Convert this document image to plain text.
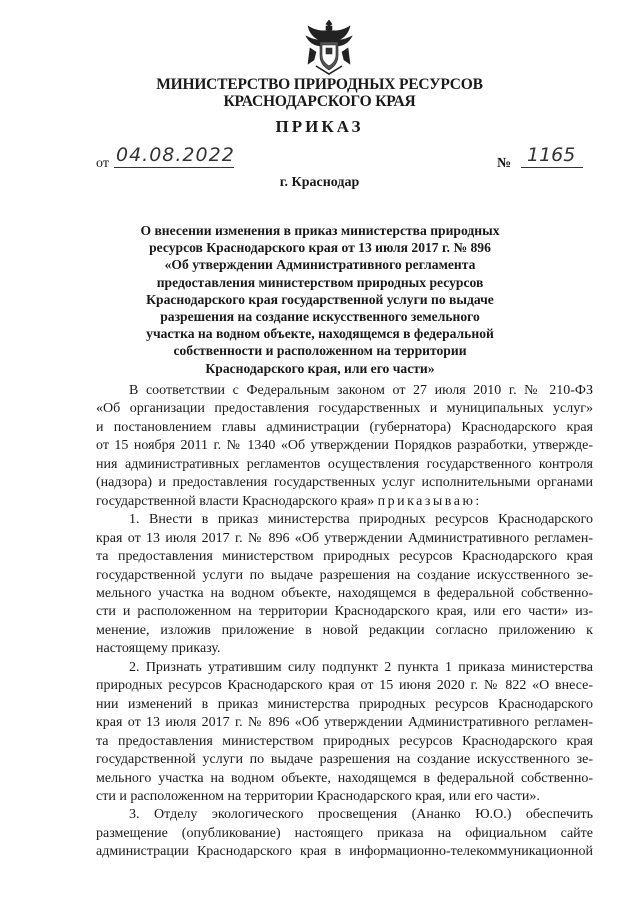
МИНИСТЕРСТВО ПРИРОДНЫХ РЕСУРСОВ
КРАСНОДАРСКОГО КРАЯ
ПРИКАЗ
от 04.08.2022	№ 1165
г. Краснодар
О внесении изменения в приказ министерства природных
ресурсов Краснодарского края от 13 июля 2017 г. № 896
«Об утверждении Административного регламента
предоставления министерством природных ресурсов
Краснодарского края государственной услуги по выдаче
разрешения на создание искусственного земельного
участка на водном объекте, находящемся в федеральной
собственности и расположенном на территории
Краснодарского края, или его части»
В соответствии с Федеральным законом от 27 июля 2010 г. № 210-ФЗ
«Об организации предоставления государственных и муниципальных услуг»
и постановлением главы администрации (губернатора) Краснодарского края
от 15 ноября 2011 г. № 1340 «Об утверждении Порядков разработки, утвержде-
ния административных регламентов осуществления государственного контроля
(надзора) и предоставления государственных услуг исполнительными органами
государственной власти Краснодарского края» приказываю:
1. Внести в приказ министерства природных ресурсов Краснодарского
края от 13 июля 2017 г. № 896 «Об утверждении Административного регламен-
та предоставления министерством природных ресурсов Краснодарского края
государственной услуги по выдаче разрешения на создание искусственного зе-
мельного участка на водном объекте, находящемся в федеральной собственно-
сти и расположенном на территории Краснодарского края, или его части» из-
менение, изложив приложение в новой редакции согласно приложению к
настоящему приказу.
2. Признать утратившим силу подпункт 2 пункта 1 приказа министерства
природных ресурсов Краснодарского края от 15 июня 2020 г. № 822 «О внесе-
нии изменений в приказ министерства природных ресурсов Краснодарского
края от 13 июля 2017 г. № 896 «Об утверждении Административного регламен-
та предоставления министерством природных ресурсов Краснодарского края
государственной услуги по выдаче разрешения на создание искусственного зе-
мельного участка на водном объекте, находящемся в федеральной собственно-
сти и расположенном на территории Краснодарского края, или его части».
3. Отделу экологического просвещения (Ананко Ю.О.) обеспечить
размещение (опубликование) настоящего приказа на официальном сайте
администрации Краснодарского края в информационно-телекоммуникационной
